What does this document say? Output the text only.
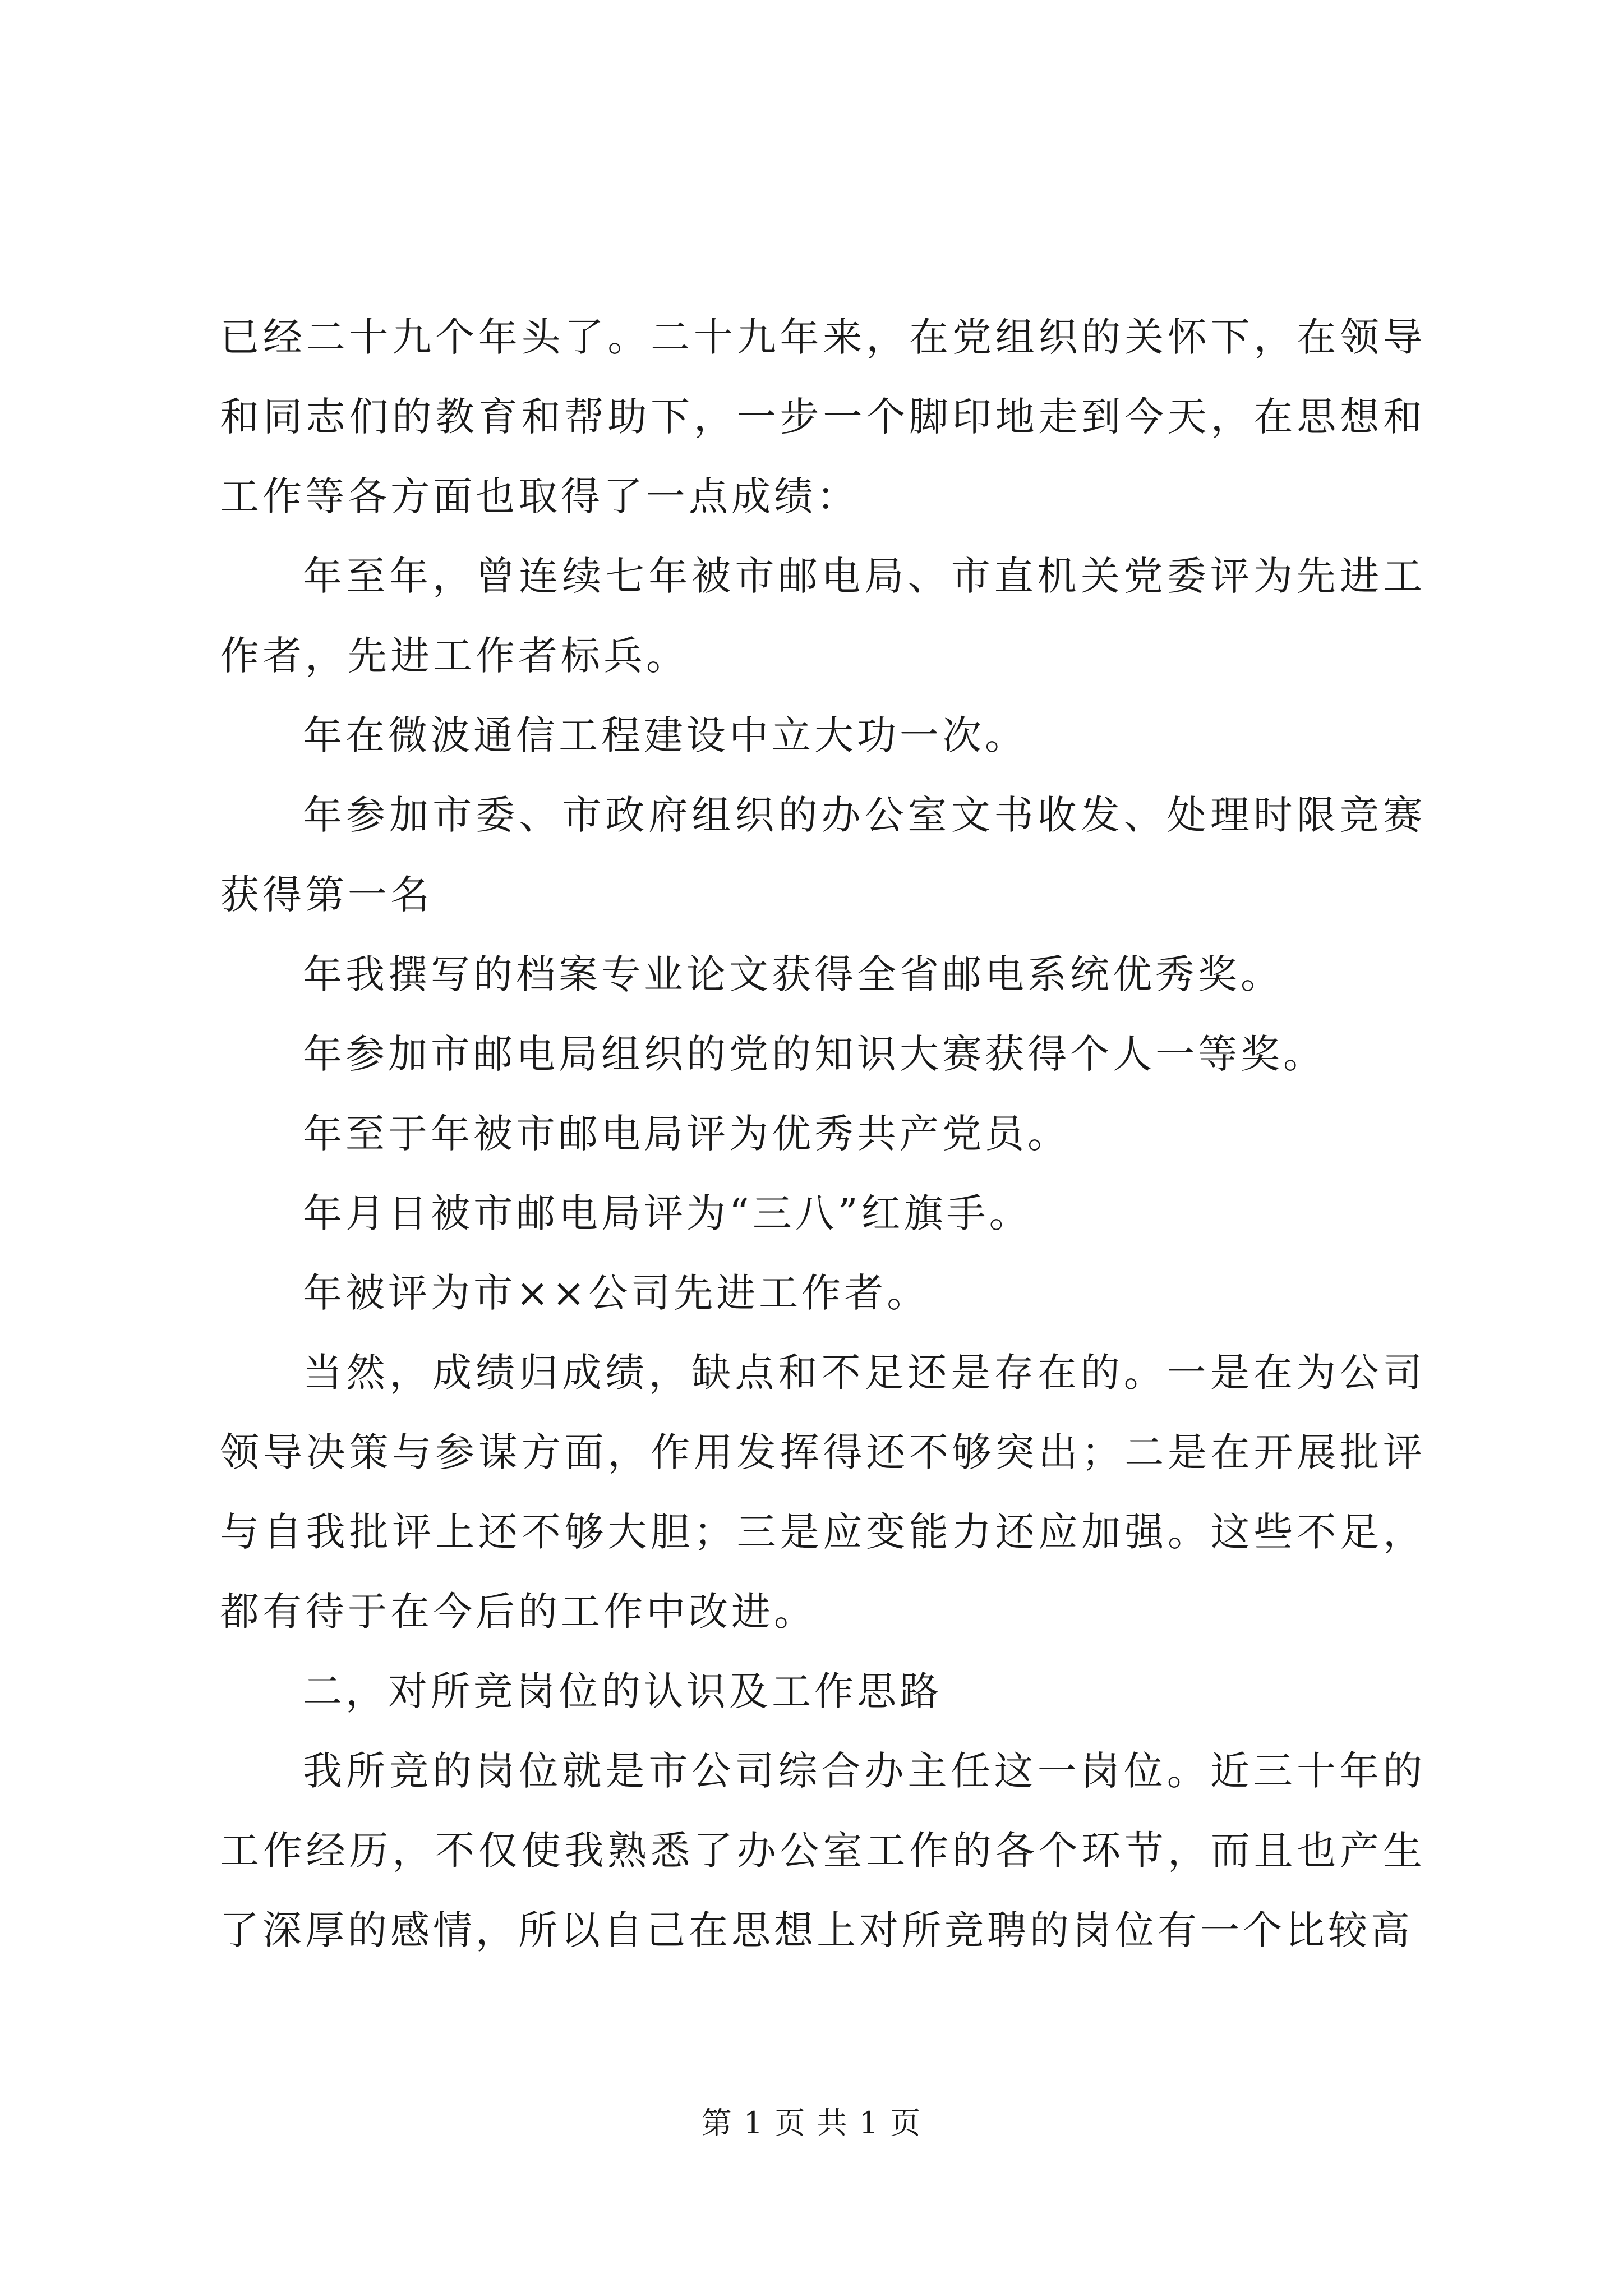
已经二十九个年头了。二十九年来，在党组织的关怀下，在领导和同志们的教育和帮助下，一步一个脚印地走到今天，在思想和工作等各方面也取得了一点成绩：

年至年，曾连续七年被市邮电局、市直机关党委评为先进工作者，先进工作者标兵。

年在微波通信工程建设中立大功一次。

年参加市委、市政府组织的办公室文书收发、处理时限竞赛获得第一名

年我撰写的档案专业论文获得全省邮电系统优秀奖。

年参加市邮电局组织的党的知识大赛获得个人一等奖。

年至于年被市邮电局评为优秀共产党员。

年月日被市邮电局评为“三八”红旗手。

年被评为市××公司先进工作者。

当然，成绩归成绩，缺点和不足还是存在的。一是在为公司领导决策与参谋方面，作用发挥得还不够突出；二是在开展批评与自我批评上还不够大胆；三是应变能力还应加强。这些不足，都有待于在今后的工作中改进。

二，对所竞岗位的认识及工作思路

我所竞的岗位就是市公司综合办主任这一岗位。近三十年的工作经历，不仅使我熟悉了办公室工作的各个环节，而且也产生了深厚的感情，所以自己在思想上对所竞聘的岗位有一个比较高

第 1 页 共 1 页
